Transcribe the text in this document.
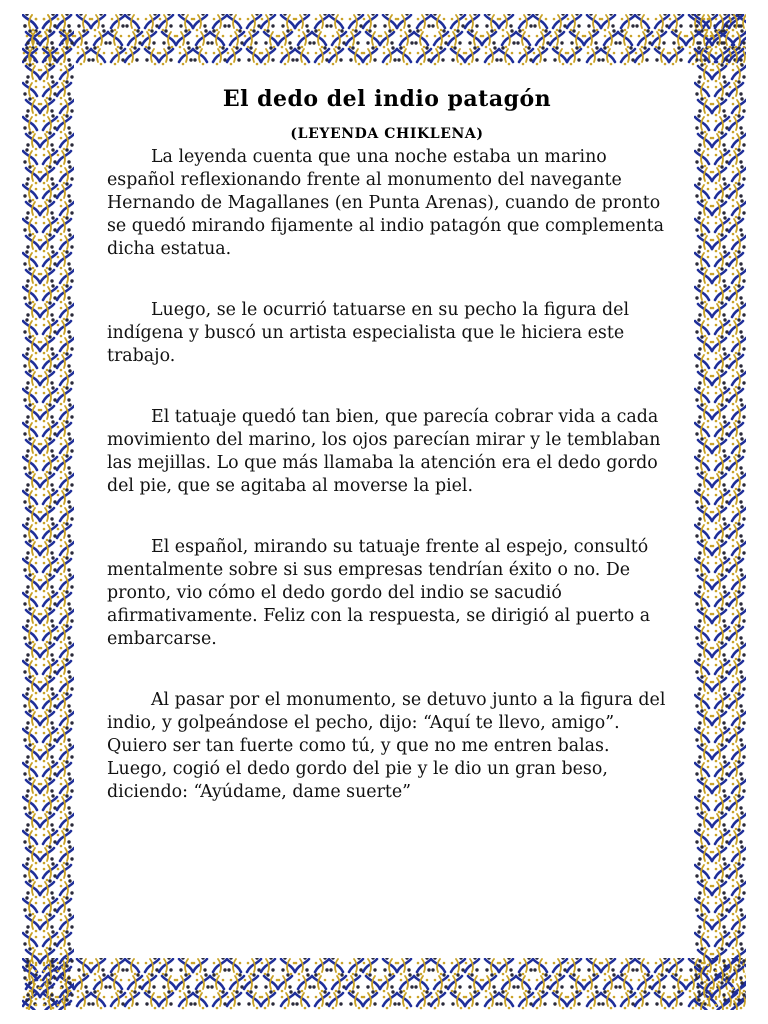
El dedo del indio patagón
(LEYENDA CHIKLENA)

La leyenda cuenta que una noche estaba un marino español reflexionando frente al monumento del navegante Hernando de Magallanes (en Punta Arenas), cuando de pronto se quedó mirando fijamente al indio patagón que complementa dicha estatua.

Luego, se le ocurrió tatuarse en su pecho la figura del indígena y buscó un artista especialista que le hiciera este trabajo.

El tatuaje quedó tan bien, que parecía cobrar vida a cada movimiento del marino, los ojos parecían mirar y le temblaban las mejillas. Lo que más llamaba la atención era el dedo gordo del pie, que se agitaba al moverse la piel.

El español, mirando su tatuaje frente al espejo, consultó mentalmente sobre si sus empresas tendrían éxito o no. De pronto, vio cómo el dedo gordo del indio se sacudió afirmativamente. Feliz con la respuesta, se dirigió al puerto a embarcarse.

Al pasar por el monumento, se detuvo junto a la figura del indio, y golpeándose el pecho, dijo: “Aquí te llevo, amigo”. Quiero ser tan fuerte como tú, y que no me entren balas. Luego, cogió el dedo gordo del pie y le dio un gran beso, diciendo: “Ayúdame, dame suerte”
